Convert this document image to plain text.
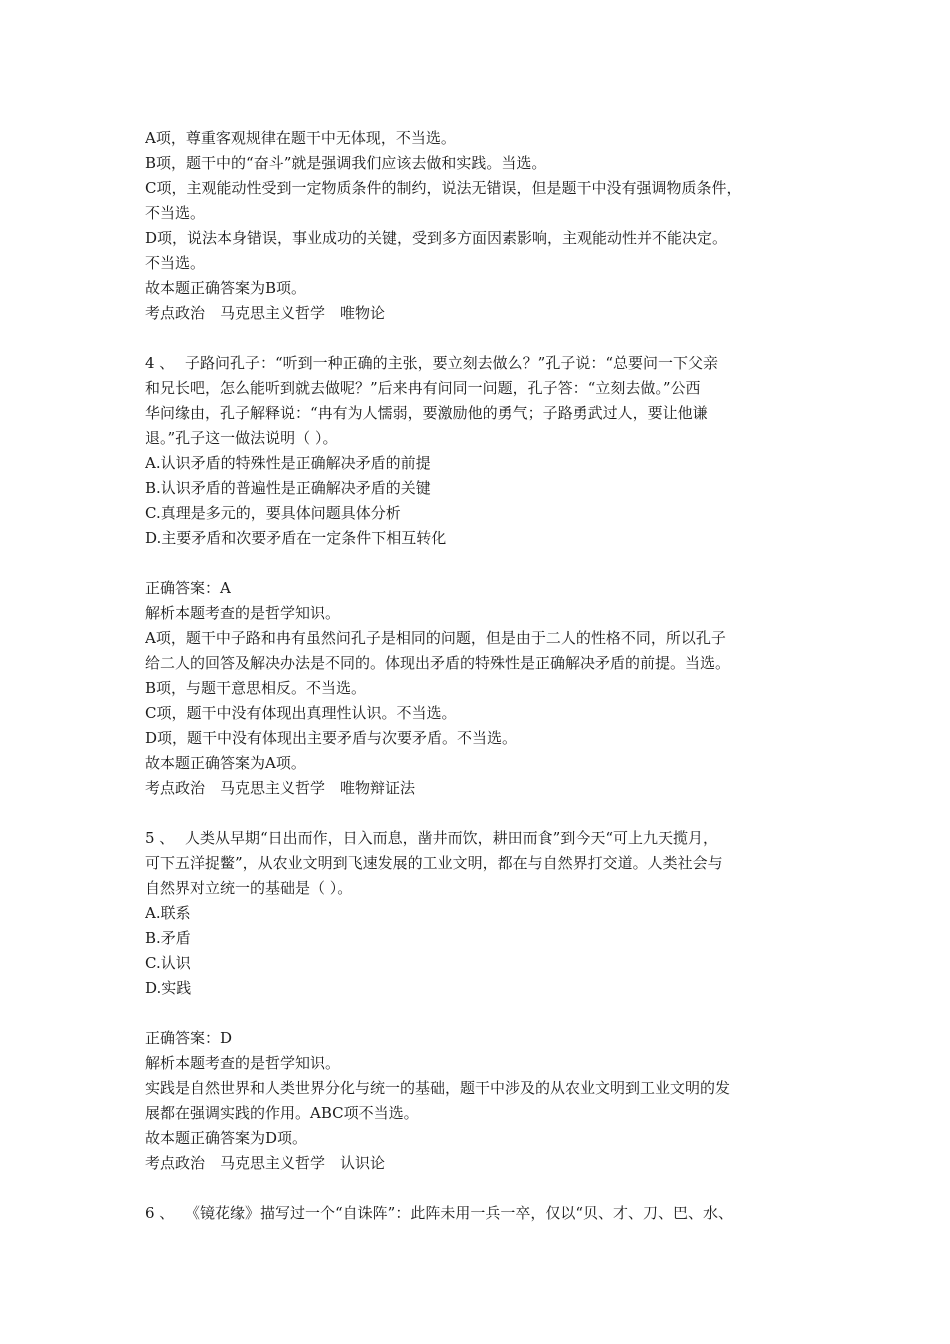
A项，尊重客观规律在题干中无体现，不当选。
B项，题干中的“奋斗”就是强调我们应该去做和实践。当选。
C项，主观能动性受到一定物质条件的制约，说法无错误，但是题干中没有强调物质条件，
不当选。
D项，说法本身错误，事业成功的关键，受到多方面因素影响，主观能动性并不能决定。
不当选。
故本题正确答案为B项。
考点政治　马克思主义哲学　唯物论
4 、 子路问孔子：“听到一种正确的主张，要立刻去做么？”孔子说：“总要问一下父亲
和兄长吧，怎么能听到就去做呢？”后来冉有问同一问题，孔子答：“立刻去做。”公西
华问缘由，孔子解释说：“冉有为人懦弱，要激励他的勇气；子路勇武过人，要让他谦
退。”孔子这一做法说明（ ）。
A.认识矛盾的特殊性是正确解决矛盾的前提
B.认识矛盾的普遍性是正确解决矛盾的关键
C.真理是多元的，要具体问题具体分析
D.主要矛盾和次要矛盾在一定条件下相互转化
正确答案：A
解析本题考查的是哲学知识。
A项，题干中子路和冉有虽然问孔子是相同的问题，但是由于二人的性格不同，所以孔子
给二人的回答及解决办法是不同的。体现出矛盾的特殊性是正确解决矛盾的前提。当选。
B项，与题干意思相反。不当选。
C项，题干中没有体现出真理性认识。不当选。
D项，题干中没有体现出主要矛盾与次要矛盾。不当选。
故本题正确答案为A项。
考点政治　马克思主义哲学　唯物辩证法
5 、 人类从早期“日出而作，日入而息，凿井而饮，耕田而食”到今天“可上九天揽月，
可下五洋捉鳖”，从农业文明到飞速发展的工业文明，都在与自然界打交道。人类社会与
自然界对立统一的基础是（ ）。
A.联系
B.矛盾
C.认识
D.实践
正确答案：D
解析本题考查的是哲学知识。
实践是自然世界和人类世界分化与统一的基础，题干中涉及的从农业文明到工业文明的发
展都在强调实践的作用。ABC项不当选。
故本题正确答案为D项。
考点政治　马克思主义哲学　认识论
6 、 《镜花缘》描写过一个“自诛阵”：此阵未用一兵一卒，仅以“贝、才、刀、巴、水、
